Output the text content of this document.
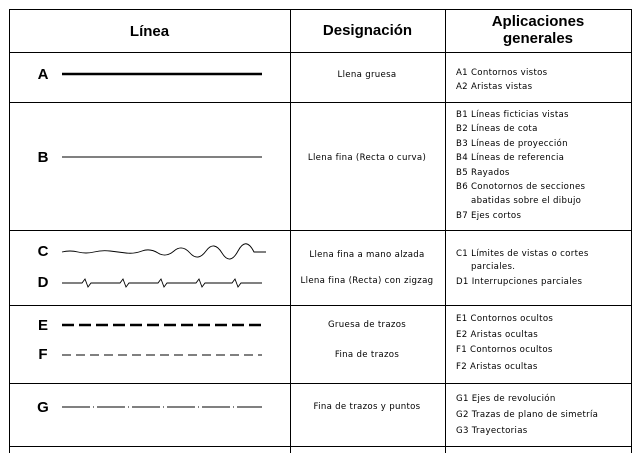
Línea	Designación
Aplicaciones
generales
A
B
C
D
E
F
G
Llena gruesa
Llena fina (Recta o curva)
Llena fina a mano alzada
Llena fina (Recta) con zigzag
Gruesa de trazos
Fina de trazos
Fina de trazos y puntos
A1 Contornos vistos
A2 Aristas vistas
B1 Líneas ficticias vistas
B2 Líneas de cota
B3 Líneas de proyección
B4 Líneas de referencia
B5 Rayados
B6 Conotornos de secciones
abatidas sobre el dibujo
B7 Ejes cortos
C1 Límites de vistas o cortes
parciales.
D1 Interrupciones parciales
E1 Contornos ocultos
E2 Aristas ocultas
F1 Contornos ocultos
F2 Aristas ocultas
G1 Ejes de revolución
G2 Trazas de plano de simetría
G3 Trayectorias
